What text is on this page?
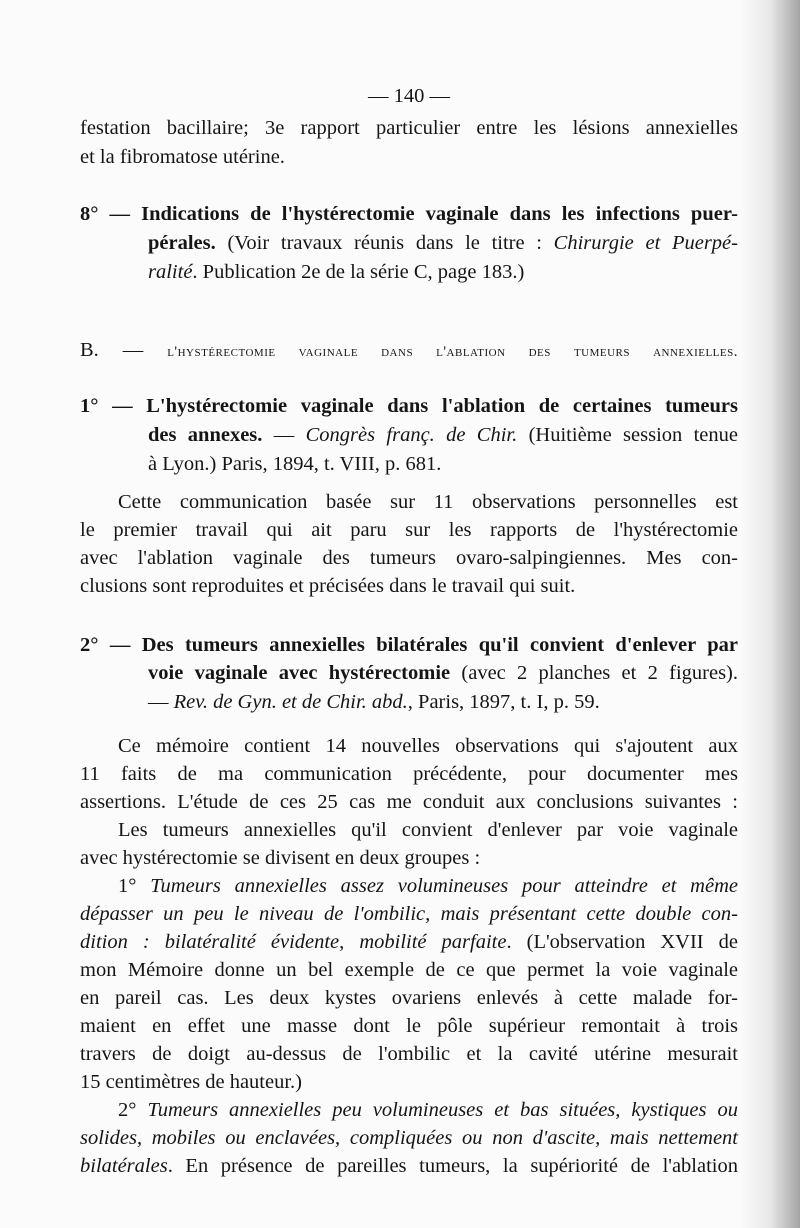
— 140 —
festation bacillaire; 3e rapport particulier entre les lésions annexielles
et la fibromatose utérine.
8° — Indications de l'hystérectomie vaginale dans les infections puer-
pérales. (Voir travaux réunis dans le titre : Chirurgie et Puerpé-
ralité. Publication 2e de la série C, page 183.)
B. — l'hystérectomie vaginale dans l'ablation des tumeurs annexielles.
1° — L'hystérectomie vaginale dans l'ablation de certaines tumeurs
des annexes. — Congrès franç. de Chir. (Huitième session tenue
à Lyon.) Paris, 1894, t. VIII, p. 681.
Cette communication basée sur 11 observations personnelles est
le premier travail qui ait paru sur les rapports de l'hystérectomie
avec l'ablation vaginale des tumeurs ovaro-salpingiennes. Mes con-
clusions sont reproduites et précisées dans le travail qui suit.
2° — Des tumeurs annexielles bilatérales qu'il convient d'enlever par
voie vaginale avec hystérectomie (avec 2 planches et 2 figures).
— Rev. de Gyn. et de Chir. abd., Paris, 1897, t. I, p. 59.
Ce mémoire contient 14 nouvelles observations qui s'ajoutent aux
11 faits de ma communication précédente, pour documenter mes
assertions. L'étude de ces 25 cas me conduit aux conclusions suivantes :
Les tumeurs annexielles qu'il convient d'enlever par voie vaginale
avec hystérectomie se divisent en deux groupes :
1° Tumeurs annexielles assez volumineuses pour atteindre et même
dépasser un peu le niveau de l'ombilic, mais présentant cette double con-
dition : bilatéralité évidente, mobilité parfaite. (L'observation XVII de
mon Mémoire donne un bel exemple de ce que permet la voie vaginale
en pareil cas. Les deux kystes ovariens enlevés à cette malade for-
maient en effet une masse dont le pôle supérieur remontait à trois
travers de doigt au-dessus de l'ombilic et la cavité utérine mesurait
15 centimètres de hauteur.)
2° Tumeurs annexielles peu volumineuses et bas situées, kystiques ou
solides, mobiles ou enclavées, compliquées ou non d'ascite, mais nettement
bilatérales. En présence de pareilles tumeurs, la supériorité de l'ablation
